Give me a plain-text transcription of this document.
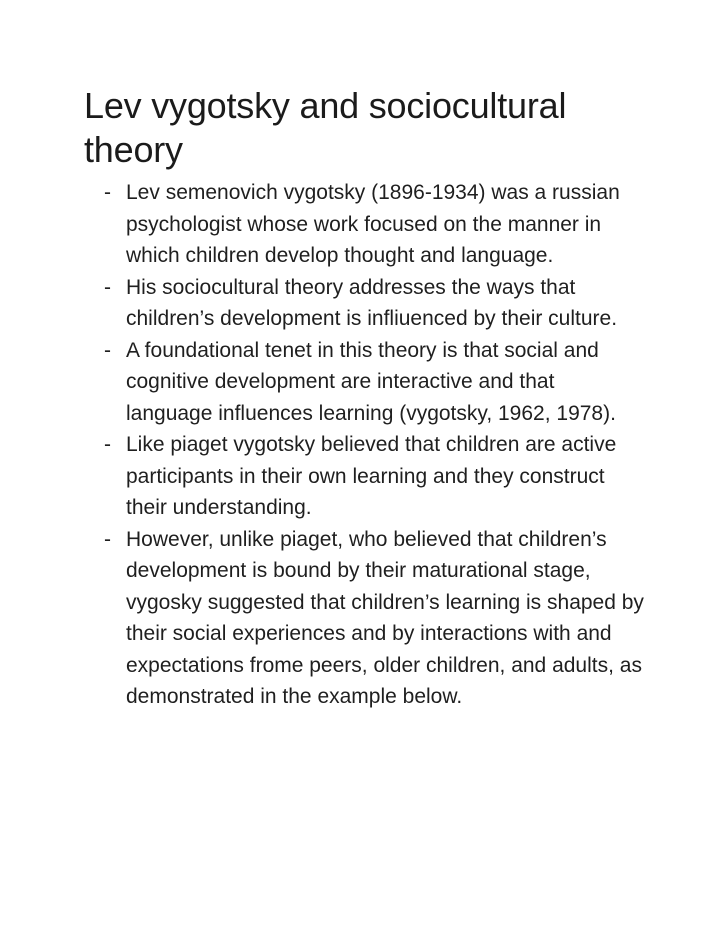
Lev vygotsky and sociocultural theory
- Lev semenovich vygotsky (1896-1934) was a russian psychologist whose work focused on the manner in which children develop thought and language.
- His sociocultural theory addresses the ways that children’s development is infliuenced by their culture.
- A foundational tenet in this theory is that social and cognitive development are interactive and that language influences learning (vygotsky, 1962, 1978).
- Like piaget vygotsky believed that children are active participants in their own learning and they construct their understanding.
- However, unlike piaget, who believed that children’s development is bound by their maturational stage, vygosky suggested that children’s learning is shaped by their social experiences and by interactions with and expectations frome peers, older children, and adults, as demonstrated in the example below.
